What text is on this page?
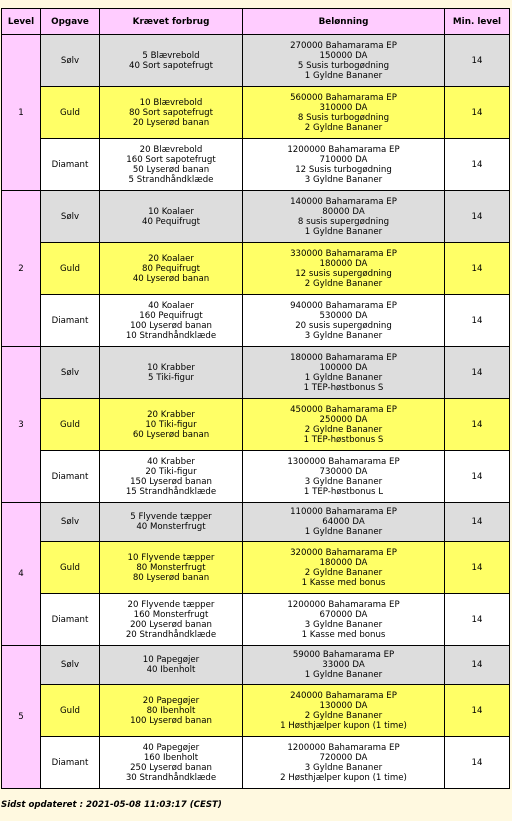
Level	Opgave	Krævet forbrug	Belønning	Min. level
1	Sølv	5 Blævrebold
40 Sort sapotefrugt	270000 Bahamarama EP
150000 DA
5 Susis turbogødning
1 Gyldne Bananer	14
	Guld	10 Blævrebold
80 Sort sapotefrugt
20 Lyserød banan	560000 Bahamarama EP
310000 DA
8 Susis turbogødning
2 Gyldne Bananer	14
	Diamant	20 Blævrebold
160 Sort sapotefrugt
50 Lyserød banan
5 Strandhåndklæde	1200000 Bahamarama EP
710000 DA
12 Susis turbogødning
3 Gyldne Bananer	14
2	Sølv	10 Koalaer
40 Pequifrugt	140000 Bahamarama EP
80000 DA
8 susis supergødning
1 Gyldne Bananer	14
	Guld	20 Koalaer
80 Pequifrugt
40 Lyserød banan	330000 Bahamarama EP
180000 DA
12 susis supergødning
2 Gyldne Bananer	14
	Diamant	40 Koalaer
160 Pequifrugt
100 Lyserød banan
10 Strandhåndklæde	940000 Bahamarama EP
530000 DA
20 susis supergødning
3 Gyldne Bananer	14
3	Sølv	10 Krabber
5 Tiki-figur	180000 Bahamarama EP
100000 DA
1 Gyldne Bananer
1 TEP-høstbonus S	14
	Guld	20 Krabber
10 Tiki-figur
60 Lyserød banan	450000 Bahamarama EP
250000 DA
2 Gyldne Bananer
1 TEP-høstbonus S	14
	Diamant	40 Krabber
20 Tiki-figur
150 Lyserød banan
15 Strandhåndklæde	1300000 Bahamarama EP
730000 DA
3 Gyldne Bananer
1 TEP-høstbonus L	14
4	Sølv	5 Flyvende tæpper
40 Monsterfrugt	110000 Bahamarama EP
64000 DA
1 Gyldne Bananer	14
	Guld	10 Flyvende tæpper
80 Monsterfrugt
80 Lyserød banan	320000 Bahamarama EP
180000 DA
2 Gyldne Bananer
1 Kasse med bonus	14
	Diamant	20 Flyvende tæpper
160 Monsterfrugt
200 Lyserød banan
20 Strandhåndklæde	1200000 Bahamarama EP
670000 DA
3 Gyldne Bananer
1 Kasse med bonus	14
5	Sølv	10 Papegøjer
40 Ibenholt	59000 Bahamarama EP
33000 DA
1 Gyldne Bananer	14
	Guld	20 Papegøjer
80 Ibenholt
100 Lyserød banan	240000 Bahamarama EP
130000 DA
2 Gyldne Bananer
1 Høsthjælper kupon (1 time)	14
	Diamant	40 Papegøjer
160 Ibenholt
250 Lyserød banan
30 Strandhåndklæde	1200000 Bahamarama EP
720000 DA
3 Gyldne Bananer
2 Høsthjælper kupon (1 time)	14
Sidst opdateret : 2021-05-08 11:03:17 (CEST)
